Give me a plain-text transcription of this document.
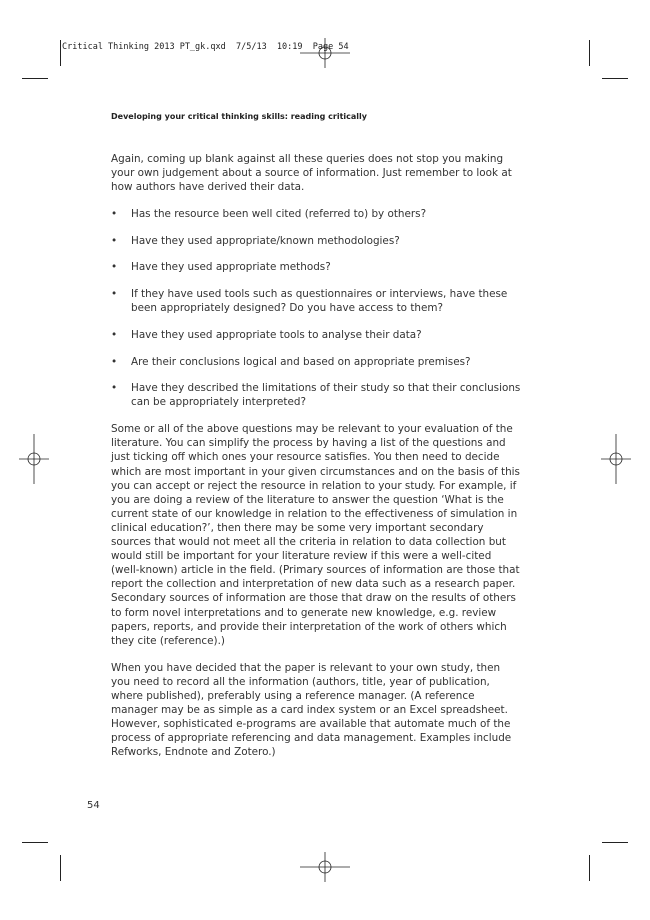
Critical Thinking 2013 PT_gk.qxd  7/5/13  10:19  Page 54
Developing your critical thinking skills: reading critically

Again, coming up blank against all these queries does not stop you making your own judgement about a source of information. Just remember to look at how authors have derived their data.

• Has the resource been well cited (referred to) by others?
• Have they used appropriate/known methodologies?
• Have they used appropriate methods?
• If they have used tools such as questionnaires or interviews, have these been appropriately designed? Do you have access to them?
• Have they used appropriate tools to analyse their data?
• Are their conclusions logical and based on appropriate premises?
• Have they described the limitations of their study so that their conclusions can be appropriately interpreted?

Some or all of the above questions may be relevant to your evaluation of the literature. You can simplify the process by having a list of the questions and just ticking off which ones your resource satisfies. You then need to decide which are most important in your given circumstances and on the basis of this you can accept or reject the resource in relation to your study. For example, if you are doing a review of the literature to answer the question ‘What is the current state of our knowledge in relation to the effectiveness of simulation in clinical education?’, then there may be some very important secondary sources that would not meet all the criteria in relation to data collection but would still be important for your literature review if this were a well-cited (well-known) article in the field. (Primary sources of information are those that report the collection and interpretation of new data such as a research paper. Secondary sources of information are those that draw on the results of others to form novel interpretations and to generate new knowledge, e.g. review papers, reports, and provide their interpretation of the work of others which they cite (reference).)

When you have decided that the paper is relevant to your own study, then you need to record all the information (authors, title, year of publication, where published), preferably using a reference manager. (A reference manager may be as simple as a card index system or an Excel spreadsheet. However, sophisticated e-programs are available that automate much of the process of appropriate referencing and data management. Examples include Refworks, Endnote and Zotero.)

54
